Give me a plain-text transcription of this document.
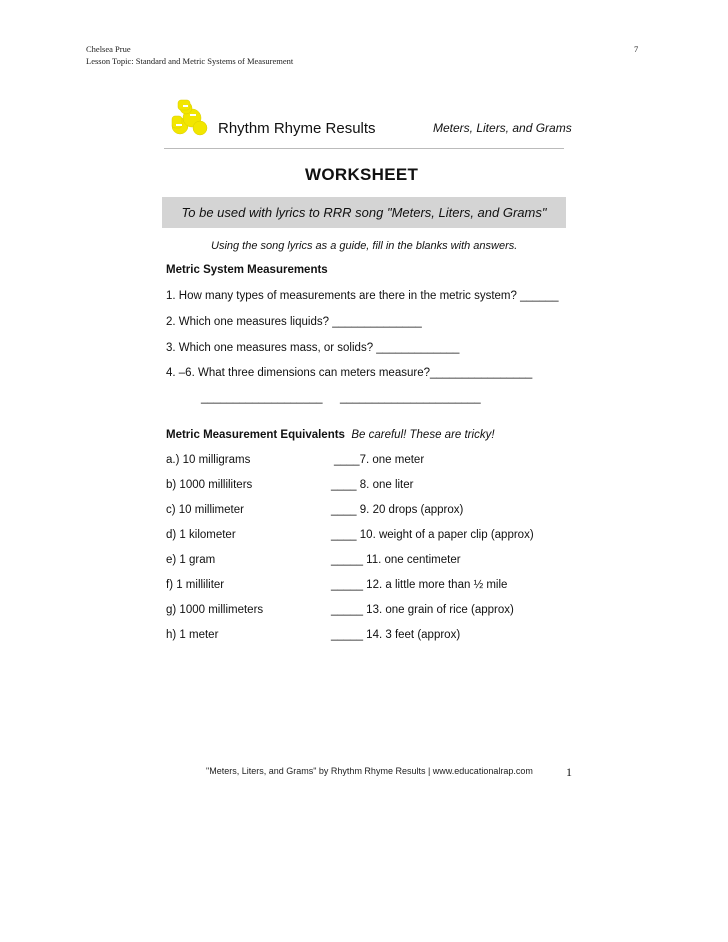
Chelsea Prue
Lesson Topic: Standard and Metric Systems of Measurement
7
Rhythm Rhyme Results	Meters, Liters, and Grams
WORKSHEET
To be used with lyrics to RRR song "Meters, Liters, and Grams"
Using the song lyrics as a guide, fill in the blanks with answers.
Metric System Measurements
1. How many types of measurements are there in the metric system? ______
2. Which one measures liquids? ______________
3. Which one measures mass, or solids? _____________
4. –6. What three dimensions can meters measure?________________
___________________ ______________________
Metric Measurement Equivalents Be careful! These are tricky!
a.) 10 milligrams
b) 1000 milliliters
c) 10 millimeter
d) 1 kilometer
e) 1 gram
f) 1 milliliter
g) 1000 millimeters
h) 1 meter
____7. one meter
____ 8. one liter
____ 9. 20 drops (approx)
____ 10. weight of a paper clip (approx)
_____ 11. one centimeter
_____ 12. a little more than ½ mile
_____ 13. one grain of rice (approx)
_____ 14. 3 feet (approx)
"Meters, Liters, and Grams" by Rhythm Rhyme Results | www.educationalrap.com	1
